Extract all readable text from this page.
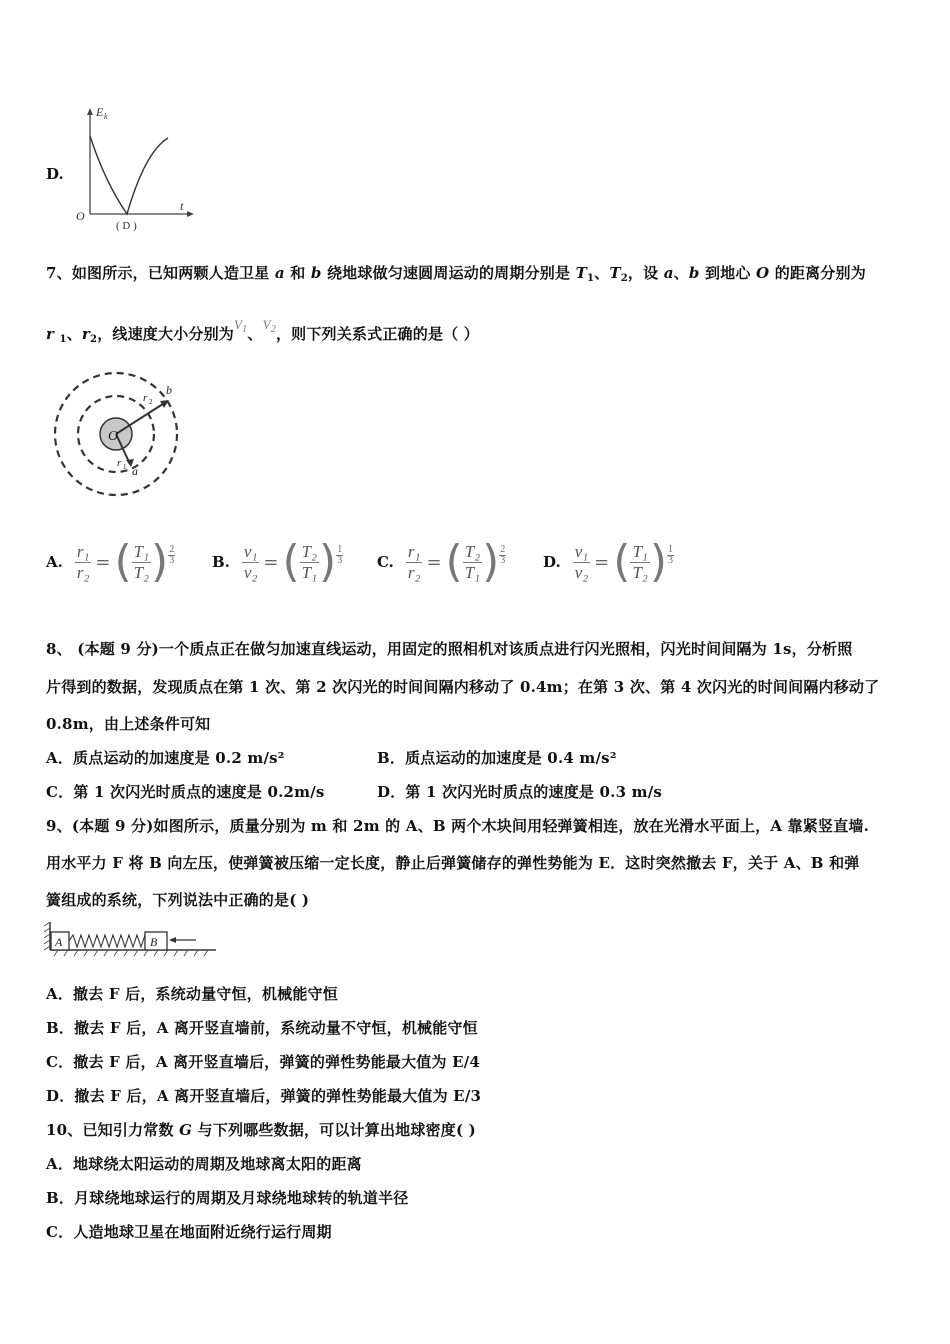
D.
E k
t
O
( D )
7、如图所示，已知两颗人造卫星 a 和 b 绕地球做匀速圆周运动的周期分别是 $T_1$、$T_2$，设 a、b 到地心 O 的距离分别为
r $_1$、$r_2$，线速度大小分别为$V_1$、$V_2$，则下列关系式正确的是（ ）
O
r 2
b
r 1 a
A. $\frac{\text{r₁}}{\text{r₂}}$ = ( $\frac{\text{T₁}}{\text{T₂}}$ ) 2
3	B. $\frac{\text{v₁}}{\text{v₂}}$ = ( $\frac{\text{T₂}}{\text{T₁}}$ ) 1
3 C. $\frac{\text{r₁}}{\text{r₂}}$ = ( $\frac{\text{T₂}}{\text{T₁}}$ ) 2
3	D. $\frac{\text{v₁}}{\text{v₂}}$ = ( $\frac{\text{T₁}}{\text{T₂}}$ ) 1
3
8、 (本题 9 分)一个质点正在做匀加速直线运动，用固定的照相机对该质点进行闪光照相，闪光时间间隔为 1s，分析照
片得到的数据，发现质点在第 1 次、第 2 次闪光的时间间隔内移动了 0.4m；在第 3 次、第 4 次闪光的时间间隔内移动了
0.8m，由上述条件可知
A．质点运动的加速度是 0.2 m/s²	B．质点运动的加速度是 0.4 m/s²
C．第 1 次闪光时质点的速度是 0.2m/s	D．第 1 次闪光时质点的速度是 0.3 m/s
9、(本题 9 分)如图所示，质量分别为 m 和 2m 的 A、B 两个木块间用轻弹簧相连，放在光滑水平面上，A 靠紧竖直墙.
用水平力 F 将 B 向左压，使弹簧被压缩一定长度，静止后弹簧储存的弹性势能为 E．这时突然撤去 F，关于 A、B 和弹
簧组成的系统，下列说法中正确的是( )
A	B
A．撤去 F 后，系统动量守恒，机械能守恒
B．撤去 F 后，A 离开竖直墙前，系统动量不守恒，机械能守恒
C．撤去 F 后，A 离开竖直墙后，弹簧的弹性势能最大值为 E/4
D．撤去 F 后，A 离开竖直墙后，弹簧的弹性势能最大值为 E/3
10、已知引力常数 G 与下列哪些数据，可以计算出地球密度( )
A．地球绕太阳运动的周期及地球离太阳的距离
B．月球绕地球运行的周期及月球绕地球转的轨道半径
C．人造地球卫星在地面附近绕行运行周期
